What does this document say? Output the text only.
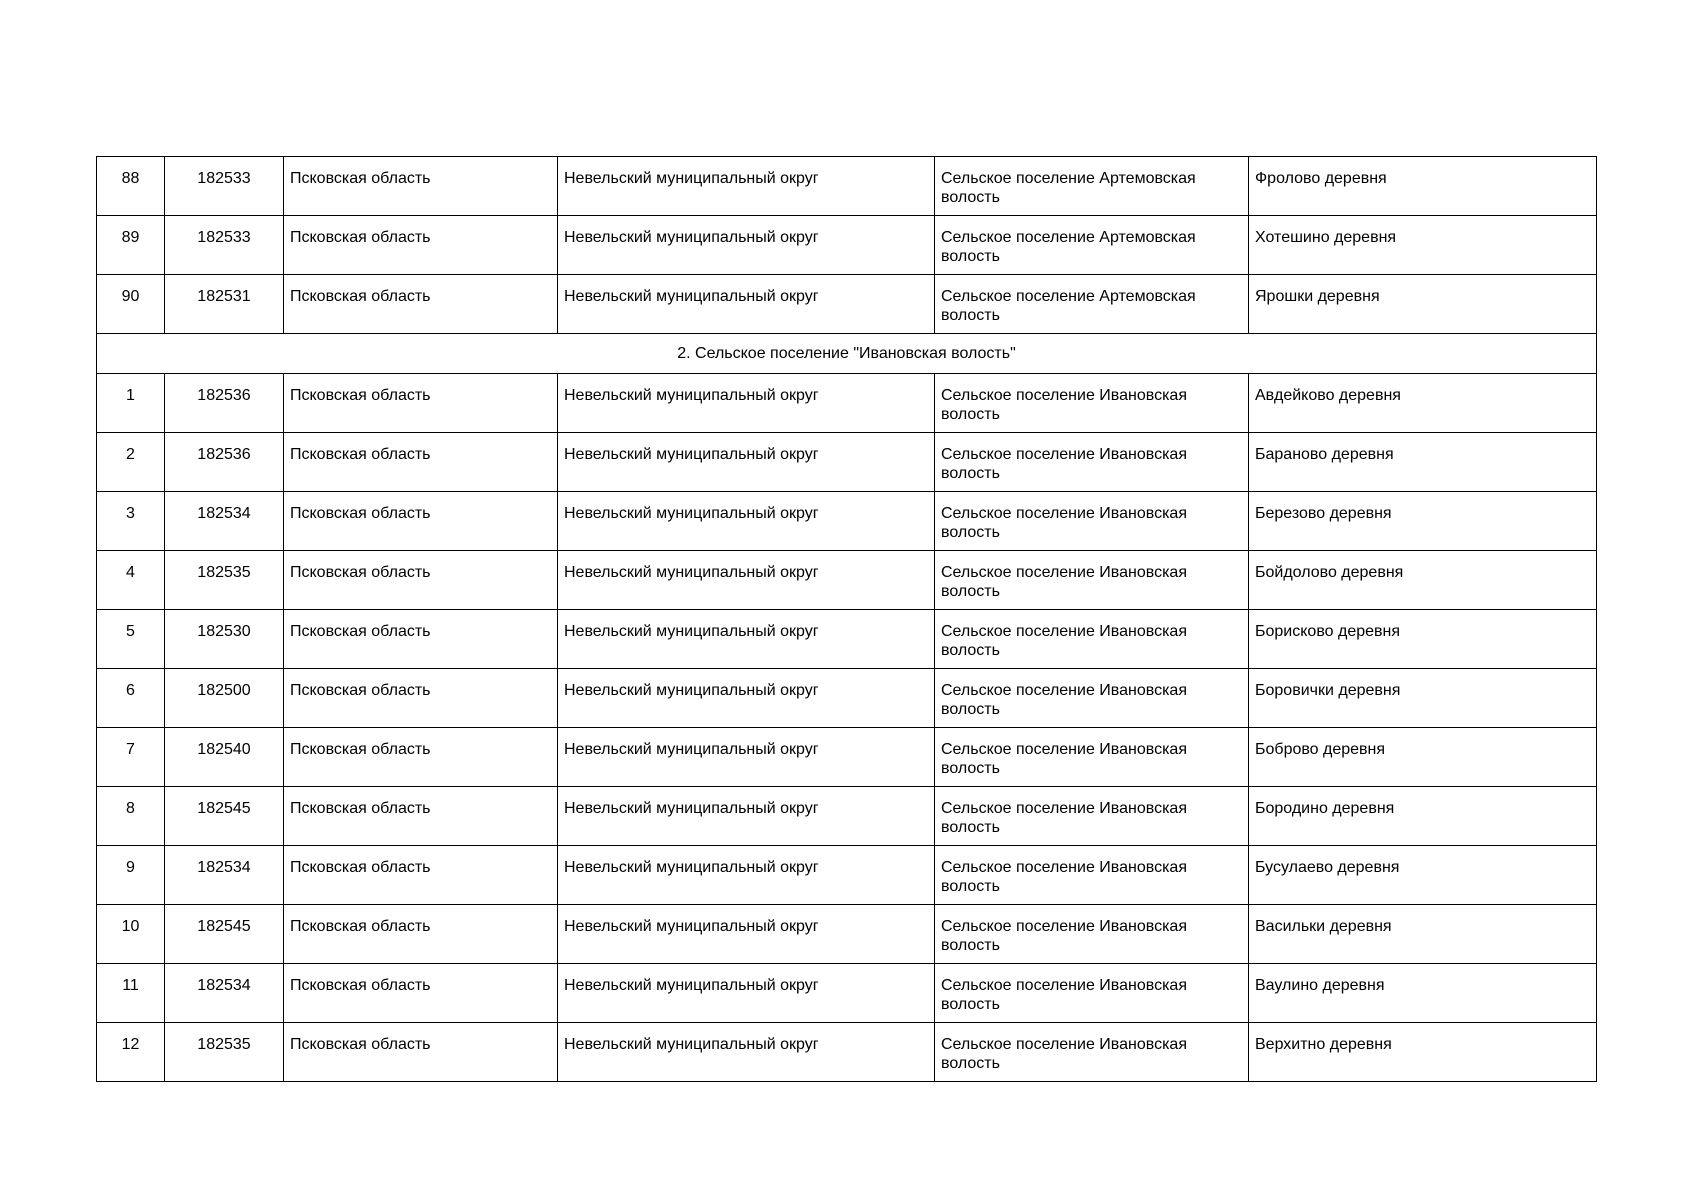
88	182533	Псковская область	Невельский муниципальный округ	Сельское поселение Артемовская волость	Фролово деревня
89	182533	Псковская область	Невельский муниципальный округ	Сельское поселение Артемовская волость	Хотешино деревня
90	182531	Псковская область	Невельский муниципальный округ	Сельское поселение Артемовская волость	Ярошки деревня
2. Сельское поселение "Ивановская волость"					
1	182536	Псковская область	Невельский муниципальный округ	Сельское поселение Ивановская волость	Авдейково деревня
2	182536	Псковская область	Невельский муниципальный округ	Сельское поселение Ивановская волость	Бараново деревня
3	182534	Псковская область	Невельский муниципальный округ	Сельское поселение Ивановская волость	Березово деревня
4	182535	Псковская область	Невельский муниципальный округ	Сельское поселение Ивановская волость	Бойдолово деревня
5	182530	Псковская область	Невельский муниципальный округ	Сельское поселение Ивановская волость	Борисково деревня
6	182500	Псковская область	Невельский муниципальный округ	Сельское поселение Ивановская волость	Боровички деревня
7	182540	Псковская область	Невельский муниципальный округ	Сельское поселение Ивановская волость	Боброво деревня
8	182545	Псковская область	Невельский муниципальный округ	Сельское поселение Ивановская волость	Бородино деревня
9	182534	Псковская область	Невельский муниципальный округ	Сельское поселение Ивановская волость	Бусулаево деревня
10	182545	Псковская область	Невельский муниципальный округ	Сельское поселение Ивановская волость	Васильки деревня
11	182534	Псковская область	Невельский муниципальный округ	Сельское поселение Ивановская волость	Ваулино деревня
12	182535	Псковская область	Невельский муниципальный округ	Сельское поселение Ивановская волость	Верхитно деревня
